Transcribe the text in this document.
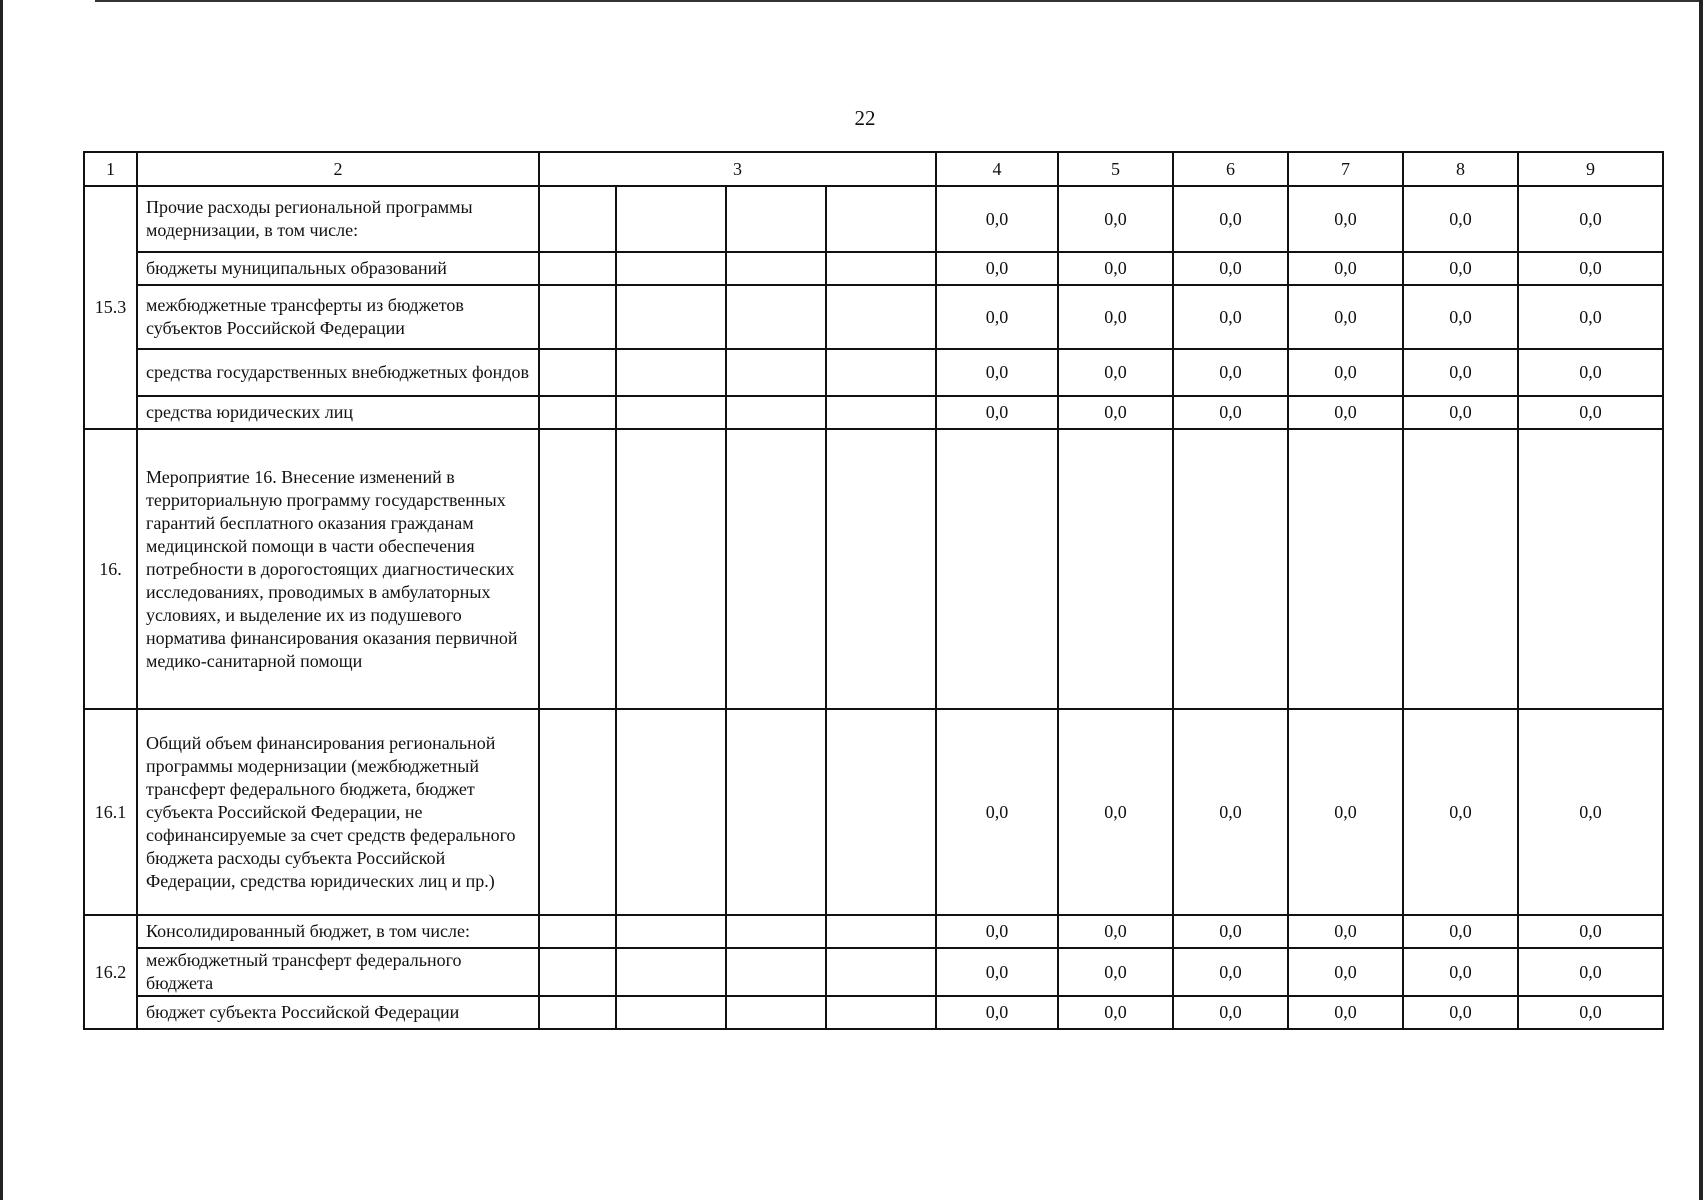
22
1	2	3				4	5	6	7	8	9
15.3	Прочие расходы региональной программы модернизации, в том числе:					0,0	0,0	0,0	0,0	0,0	0,0
	бюджеты муниципальных образований					0,0	0,0	0,0	0,0	0,0	0,0
	межбюджетные трансферты из бюджетов субъектов Российской Федерации					0,0	0,0	0,0	0,0	0,0	0,0
	средства государственных внебюджетных фондов					0,0	0,0	0,0	0,0	0,0	0,0
	средства юридических лиц					0,0	0,0	0,0	0,0	0,0	0,0
16.	Мероприятие 16. Внесение изменений в территориальную программу государственных гарантий бесплатного оказания гражданам медицинской помощи в части обеспечения потребности в дорогостоящих диагностических исследованиях, проводимых в амбулаторных условиях, и выделение их из подушевого норматива финансирования оказания первичной медико-санитарной помощи										
16.1	Общий объем финансирования региональной программы модернизации (межбюджетный трансферт федерального бюджета, бюджет субъекта Российской Федерации, не софинансируемые за счет средств федерального бюджета расходы субъекта Российской Федерации, средства юридических лиц и пр.)					0,0	0,0	0,0	0,0	0,0	0,0
16.2	Консолидированный бюджет, в том числе:					0,0	0,0	0,0	0,0	0,0	0,0
	межбюджетный трансферт федерального бюджета					0,0	0,0	0,0	0,0	0,0	0,0
	бюджет субъекта Российской Федерации					0,0	0,0	0,0	0,0	0,0	0,0
